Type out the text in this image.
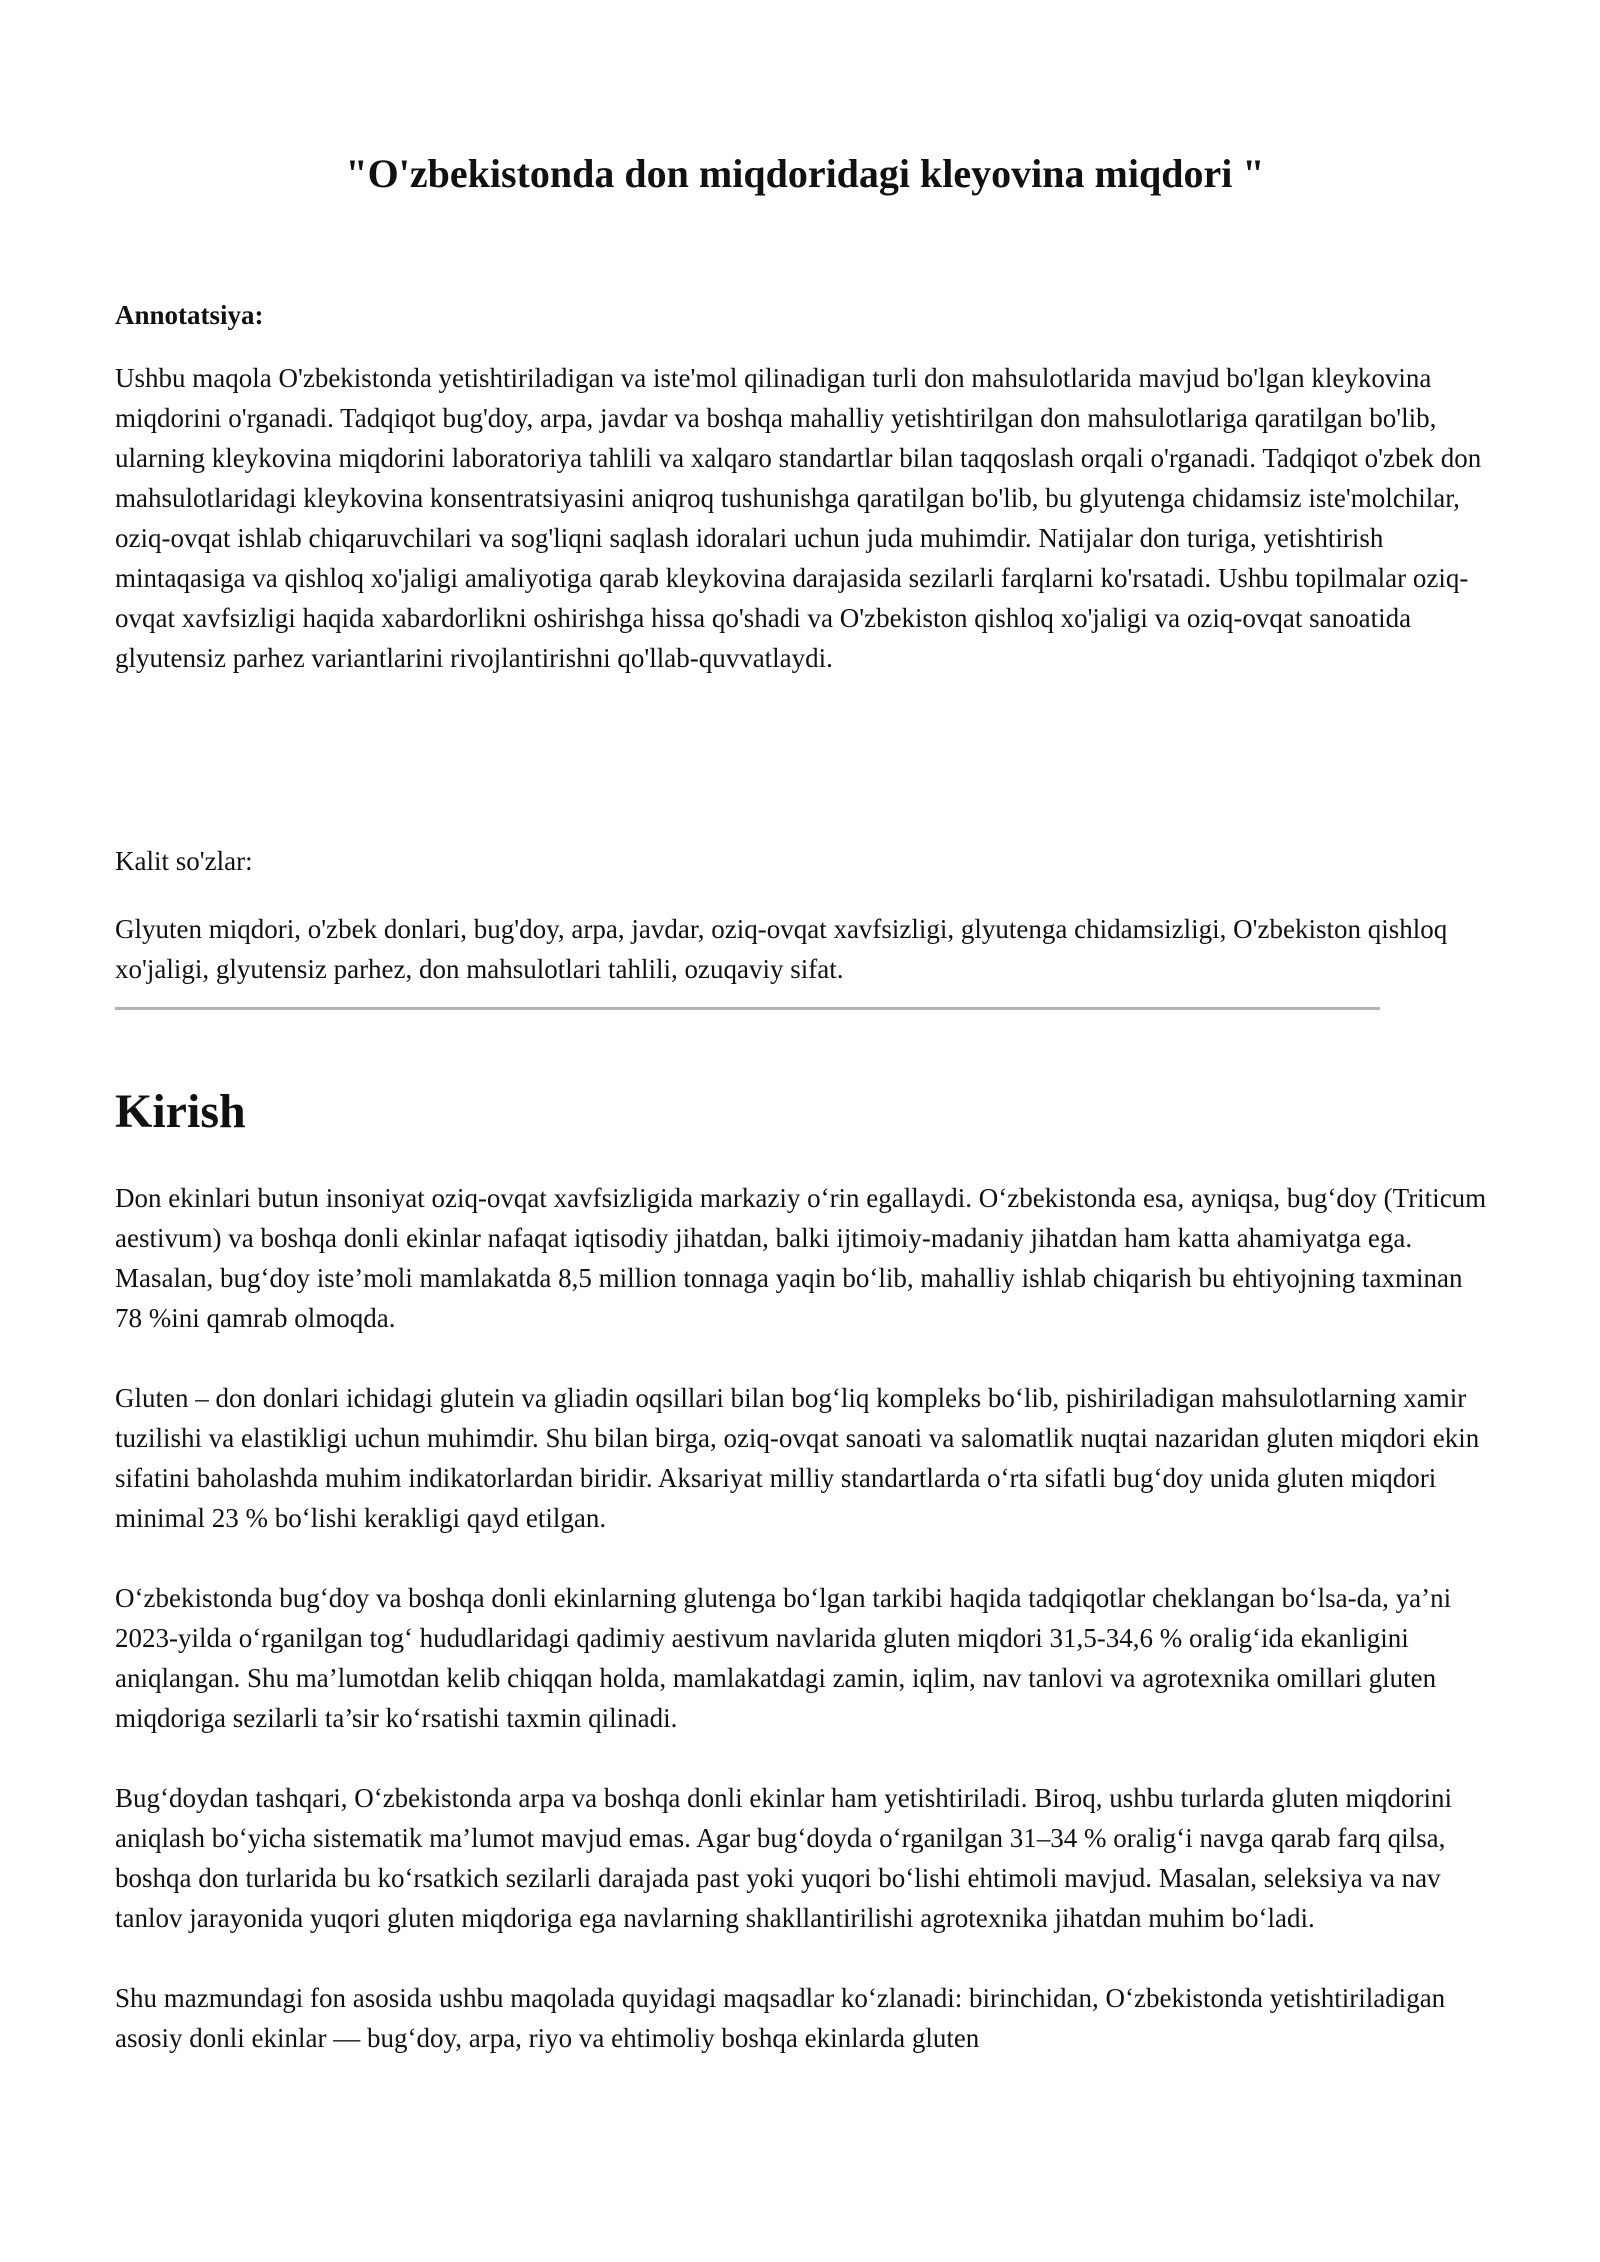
"O'zbekistonda don miqdoridagi kleyovina miqdori "

Annotatsiya:

Ushbu maqola O'zbekistonda yetishtiriladigan va iste'mol qilinadigan turli don mahsulotlarida mavjud bo'lgan kleykovina miqdorini o'rganadi. Tadqiqot bug'doy, arpa, javdar va boshqa mahalliy yetishtirilgan don mahsulotlariga qaratilgan bo'lib, ularning kleykovina miqdorini laboratoriya tahlili va xalqaro standartlar bilan taqqoslash orqali o'rganadi. Tadqiqot o'zbek don mahsulotlaridagi kleykovina konsentratsiyasini aniqroq tushunishga qaratilgan bo'lib, bu glyutenga chidamsiz iste'molchilar, oziq-ovqat ishlab chiqaruvchilari va sog'liqni saqlash idoralari uchun juda muhimdir. Natijalar don turiga, yetishtirish mintaqasiga va qishloq xo'jaligi amaliyotiga qarab kleykovina darajasida sezilarli farqlarni ko'rsatadi. Ushbu topilmalar oziq-ovqat xavfsizligi haqida xabardorlikni oshirishga hissa qo'shadi va O'zbekiston qishloq xo'jaligi va oziq-ovqat sanoatida glyutensiz parhez variantlarini rivojlantirishni qo'llab-quvvatlaydi.

Kalit so'zlar:

Glyuten miqdori, o'zbek donlari, bug'doy, arpa, javdar, oziq-ovqat xavfsizligi, glyutenga chidamsizligi, O'zbekiston qishloq xo'jaligi, glyutensiz parhez, don mahsulotlari tahlili, ozuqaviy sifat.

Kirish

Don ekinlari butun insoniyat oziq-ovqat xavfsizligida markaziy o‘rin egallaydi. O‘zbekistonda esa, ayniqsa, bug‘doy (Triticum aestivum) va boshqa donli ekinlar nafaqat iqtisodiy jihatdan, balki ijtimoiy-madaniy jihatdan ham katta ahamiyatga ega. Masalan, bug‘doy iste’moli mamlakatda 8,5 million tonnaga yaqin bo‘lib, mahalliy ishlab chiqarish bu ehtiyojning taxminan 78 %ini qamrab olmoqda.

Gluten – don donlari ichidagi glutein va gliadin oqsillari bilan bog‘liq kompleks bo‘lib, pishiriladigan mahsulotlarning xamir tuzilishi va elastikligi uchun muhimdir. Shu bilan birga, oziq-ovqat sanoati va salomatlik nuqtai nazaridan gluten miqdori ekin sifatini baholashda muhim indikatorlardan biridir. Aksariyat milliy standartlarda o‘rta sifatli bug‘doy unida gluten miqdori minimal 23 % bo‘lishi kerakligi qayd etilgan.

O‘zbekistonda bug‘doy va boshqa donli ekinlarning glutenga bo‘lgan tarkibi haqida tadqiqotlar cheklangan bo‘lsa-da, ya’ni 2023-yilda o‘rganilgan tog‘ hududlaridagi qadimiy aestivum navlarida gluten miqdori 31,5-34,6 % oralig‘ida ekanligini aniqlangan. Shu ma’lumotdan kelib chiqqan holda, mamlakatdagi zamin, iqlim, nav tanlovi va agrotexnika omillari gluten miqdoriga sezilarli ta’sir ko‘rsatishi taxmin qilinadi.

Bug‘doydan tashqari, O‘zbekistonda arpa va boshqa donli ekinlar ham yetishtiriladi. Biroq, ushbu turlarda gluten miqdorini aniqlash bo‘yicha sistematik ma’lumot mavjud emas. Agar bug‘doyda o‘rganilgan 31–34 % oralig‘i navga qarab farq qilsa, boshqa don turlarida bu ko‘rsatkich sezilarli darajada past yoki yuqori bo‘lishi ehtimoli mavjud. Masalan, seleksiya va nav tanlov jarayonida yuqori gluten miqdoriga ega navlarning shakllantirilishi agrotexnika jihatdan muhim bo‘ladi.

Shu mazmundagi fon asosida ushbu maqolada quyidagi maqsadlar ko‘zlanadi: birinchidan, O‘zbekistonda yetishtiriladigan asosiy donli ekinlar — bug‘doy, arpa, riyo va ehtimoliy boshqa ekinlarda gluten
